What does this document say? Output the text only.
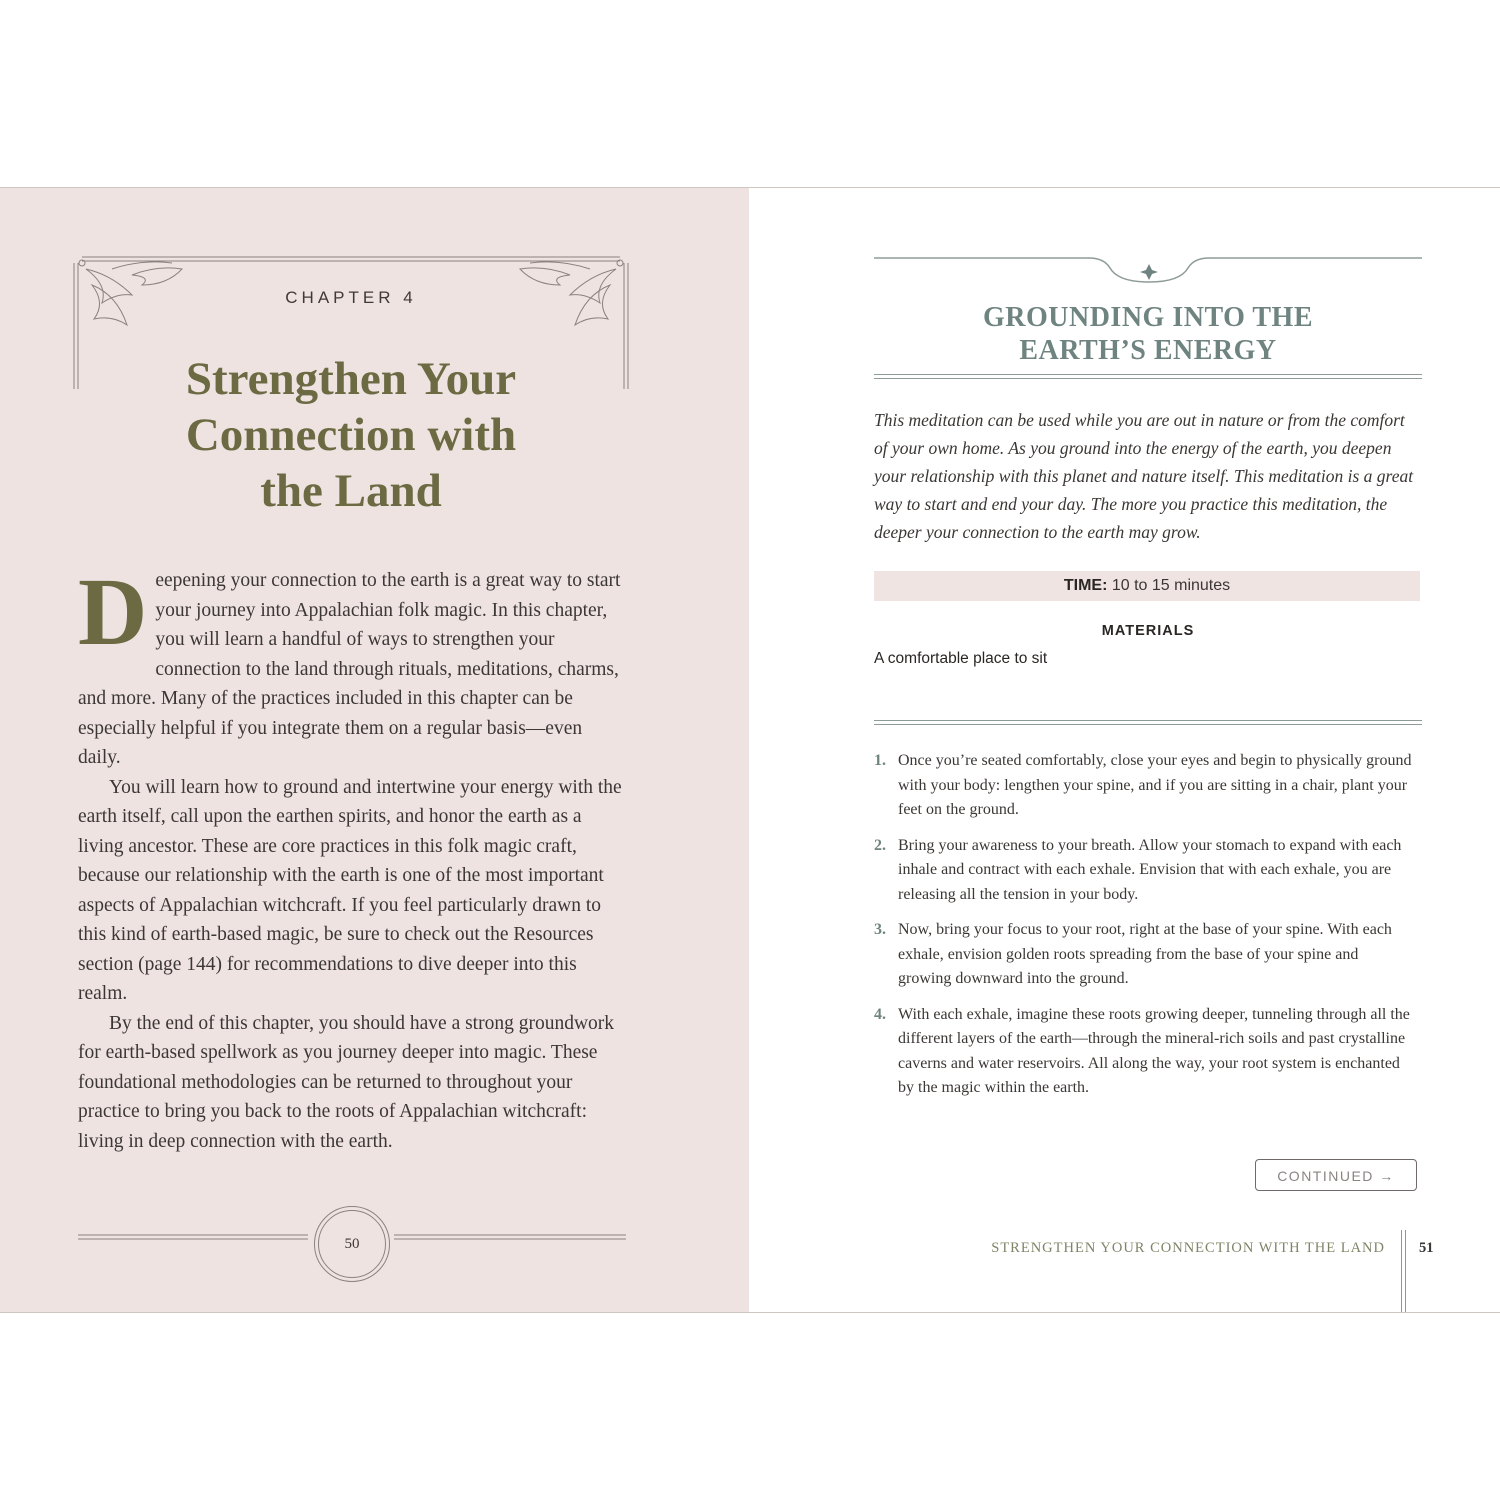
CHAPTER 4
Strengthen Your
Connection with
the Land

Deepening your connection to the earth is a great way to start your journey into Appalachian folk magic. In this chapter, you will learn a handful of ways to strengthen your connection to the land through rituals, meditations, charms, and more. Many of the practices included in this chapter can be especially helpful if you integrate them on a regular basis—even daily.

You will learn how to ground and intertwine your energy with the earth itself, call upon the earthen spirits, and honor the earth as a living ancestor. These are core practices in this folk magic craft, because our relationship with the earth is one of the most important aspects of Appalachian witchcraft. If you feel particularly drawn to this kind of earth-based magic, be sure to check out the Resources section (page 144) for recommendations to dive deeper into this realm.

By the end of this chapter, you should have a strong groundwork for earth-based spellwork as you journey deeper into magic. These foundational methodologies can be returned to throughout your practice to bring you back to the roots of Appalachian witchcraft: living in deep connection with the earth.

50
GROUNDING INTO THE
EARTH’S ENERGY

This meditation can be used while you are out in nature or from the comfort of your own home. As you ground into the energy of the earth, you deepen your relationship with this planet and nature itself. This meditation is a great way to start and end your day. The more you practice this meditation, the deeper your connection to the earth may grow.

TIME: 10 to 15 minutes
MATERIALS
A comfortable place to sit
1. Once you’re seated comfortably, close your eyes and begin to physically ground with your body: lengthen your spine, and if you are sitting in a chair, plant your feet on the ground.
2. Bring your awareness to your breath. Allow your stomach to expand with each inhale and contract with each exhale. Envision that with each exhale, you are releasing all the tension in your body.
3. Now, bring your focus to your root, right at the base of your spine. With each exhale, envision golden roots spreading from the base of your spine and growing downward into the ground.
4. With each exhale, imagine these roots growing deeper, tunneling through all the different layers of the earth—through the mineral-rich soils and past crystalline caverns and water reservoirs. All along the way, your root system is enchanted by the magic within the earth.
CONTINUED →
STRENGTHEN YOUR CONNECTION WITH THE LAND 51
